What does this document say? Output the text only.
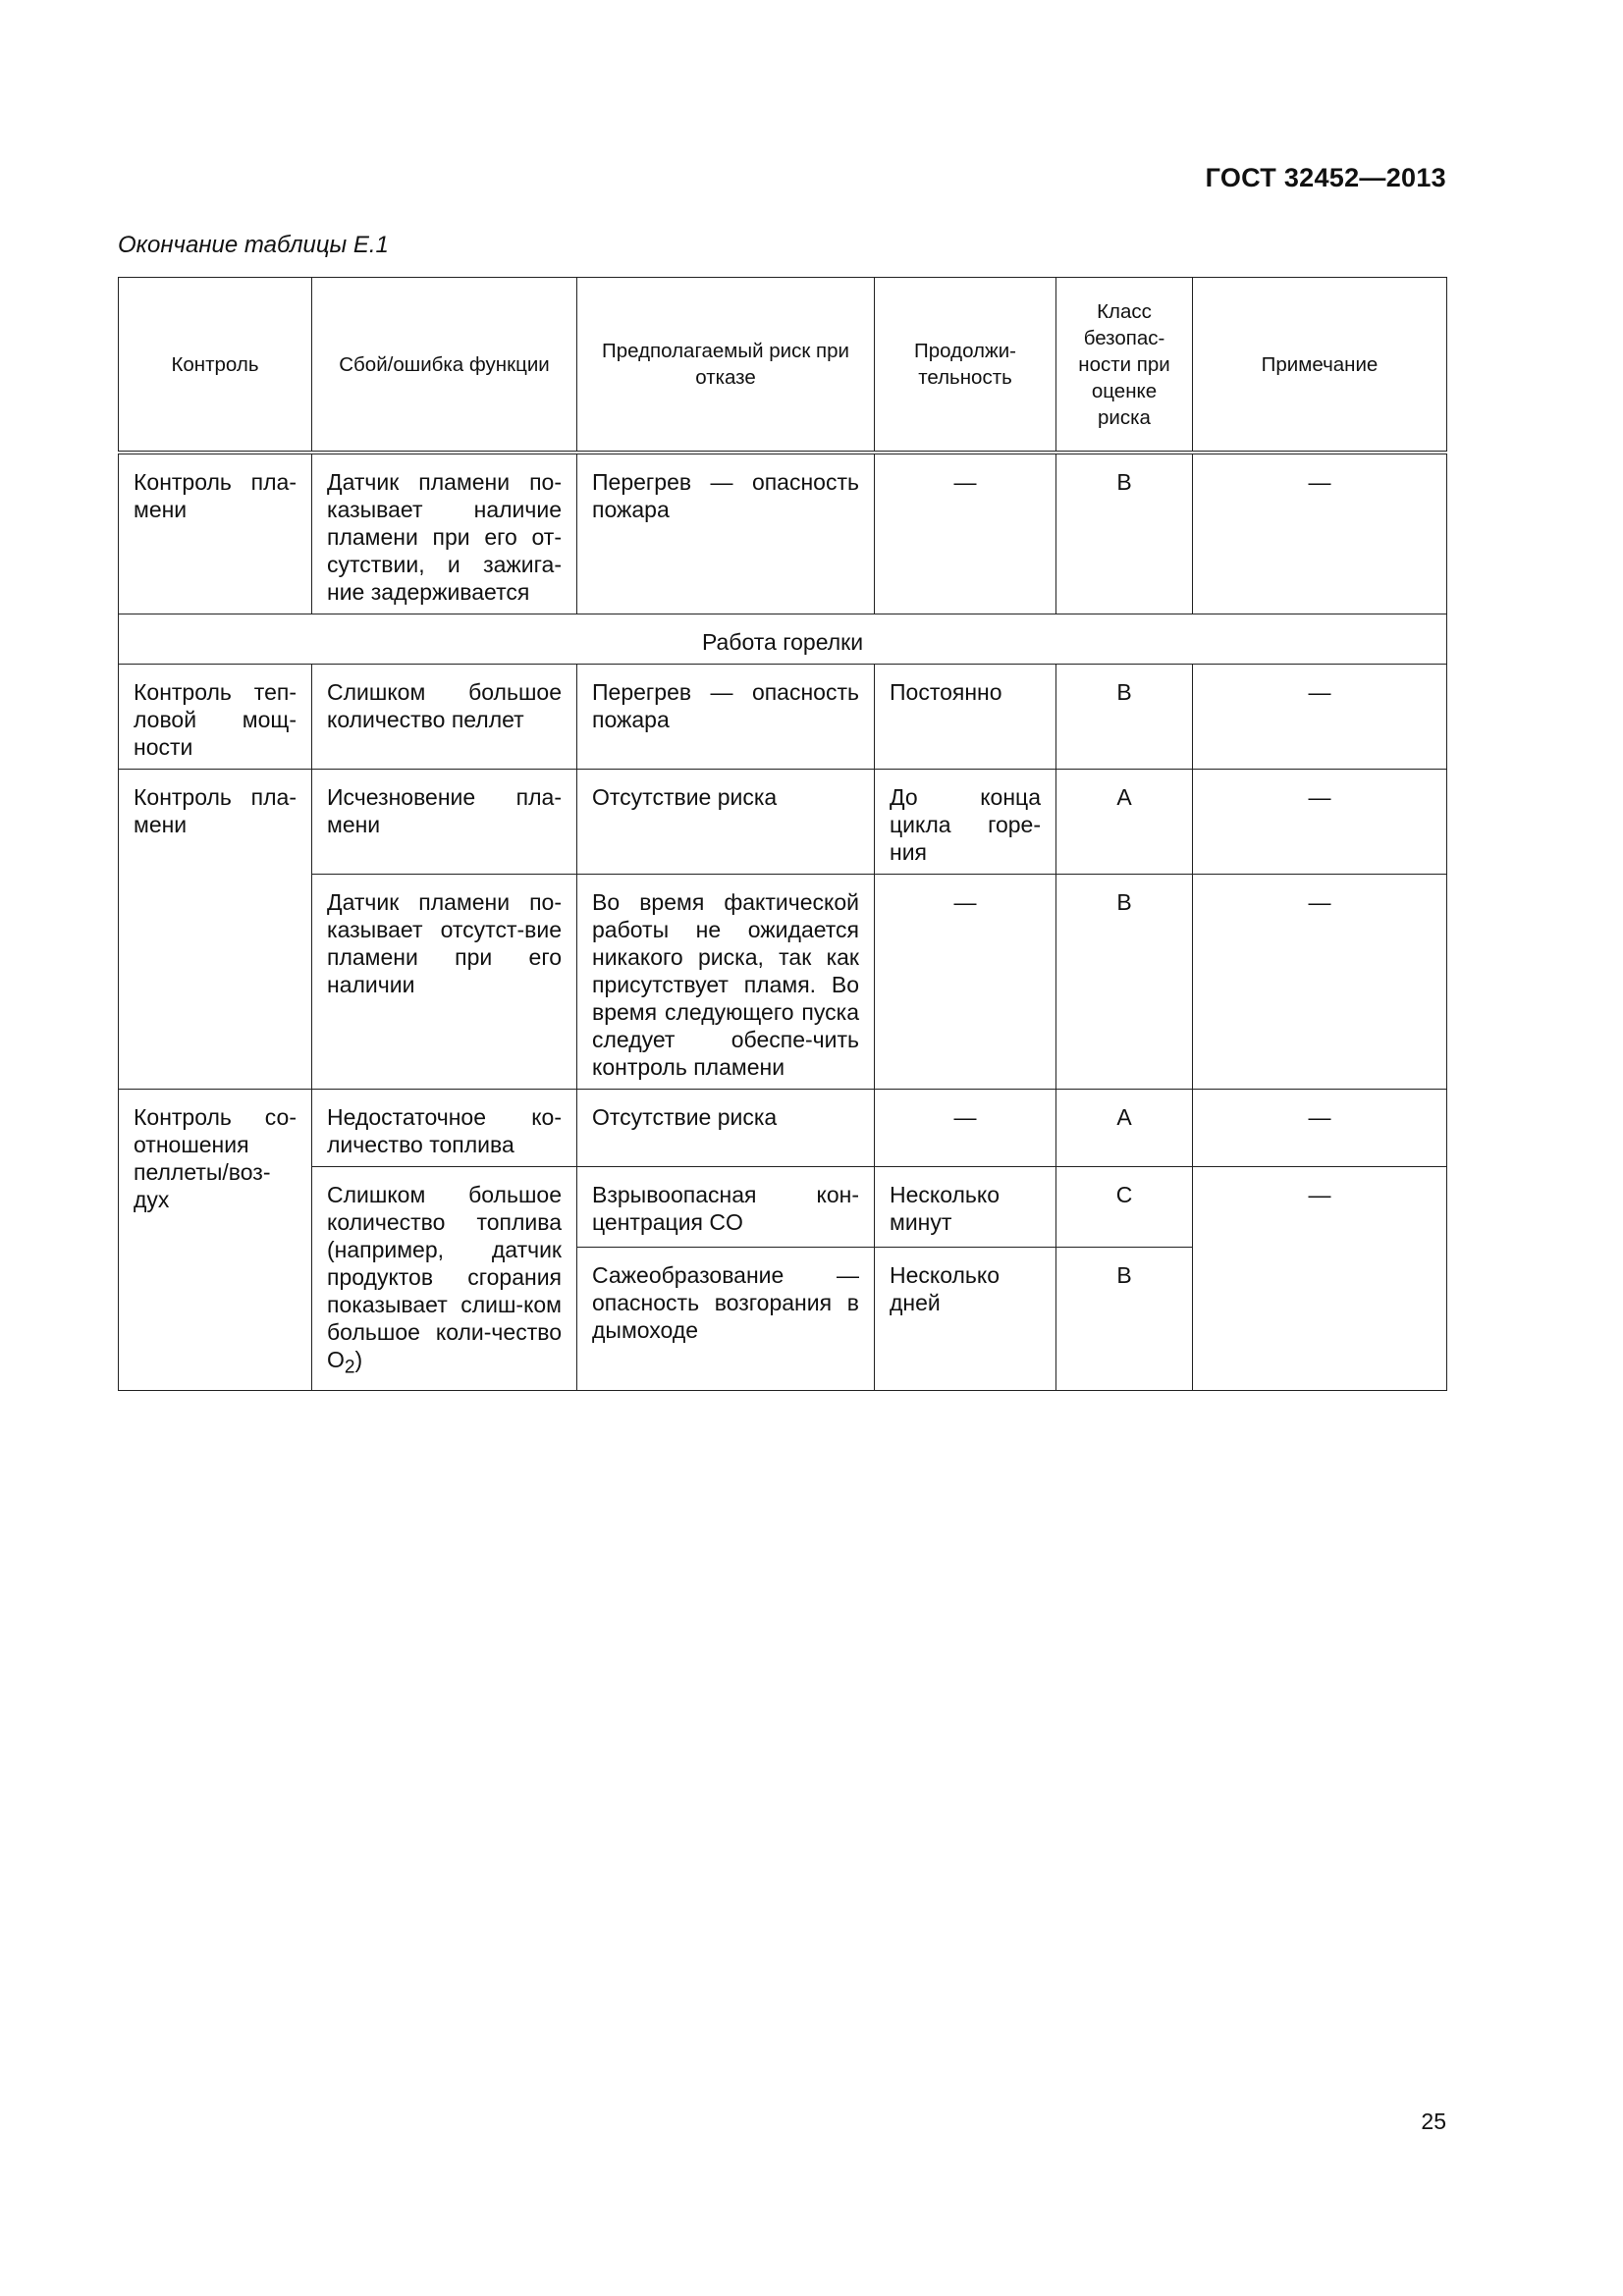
ГОСТ 32452—2013
Окончание таблицы Е.1
Контроль	Сбой/ошибка функции	Предполагаемый риск при отказе	Продолжи-тельность	Класс безопас-ности при оценке риска	Примечание
Контроль пла-мени	Датчик пламени по-казывает наличие пламени при его от-сутствии, и зажига-ние задерживается	Перегрев — опасность пожара	—	B	—
Работа горелки					
Контроль теп-ловой мощ-ности	Слишком большое количество пеллет	Перегрев — опасность пожара	Постоянно	B	—
Контроль пла-мени	Исчезновение пла-мени	Отсутствие риска	До конца цикла горе-ния	A	—
	Датчик пламени по-казывает отсутст-вие пламени при его наличии	Во время фактической работы не ожидается никакого риска, так как присутствует пламя. Во время следующего пуска следует обеспе-чить контроль пламени	—	B	—
Контроль со-отношения пеллеты/воз-дух	Недостаточное ко-личество топлива	Отсутствие риска	—	A	—
	Слишком большое количество топлива (например, датчик продуктов сгорания показывает слиш-ком большое коли-чество $O_2$)	Взрывоопасная кон-центрация CO	Несколько минут	C	—
		Сажеобразование — опасность возгорания в дымоходе	Несколько дней	B	
25
